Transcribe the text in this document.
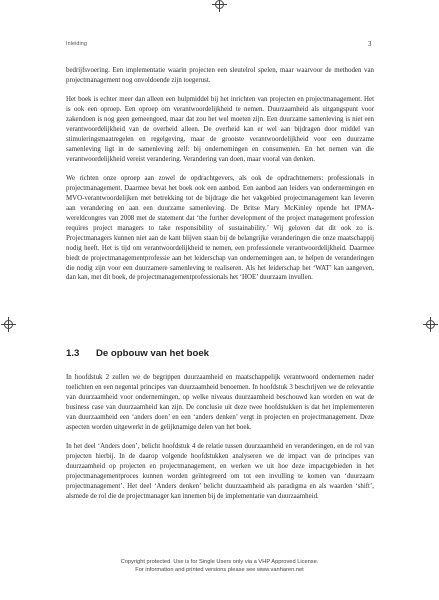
Inleiding	3

bedrijfsvoering. Een implementatie waarin projecten een sleutelrol spelen, maar waarvoor de methoden van projectmanagement nog onvoldoende zijn toegerust.

Het boek is echter meer dan alleen een hulpmiddel bij het inrichten van projecten en projectmanagement. Het is ook een oproep. Een oproep om verantwoordelijkheid te nemen. Duurzaamheid als uitgangspunt voor zakendoen is nog geen gemeengoed, maar dat zou het wel moeten zijn. Een duurzame samenleving is niet een verantwoordelijkheid van de overheid alleen. De overheid kan er wel aan bijdragen door middel van stimuleringsmaatregelen en regelgeving, maar de grootste verantwoordelijkheid voor een duurzame samenleving ligt in de samenleving zelf: bij ondernemingen en consumenten. En het nemen van die verantwoordelijkheid vereist verandering. Verandering van doen, maar vooral van denken.

We richten onze oproep aan zowel de opdrachtgevers, als ook de opdrachtnemers: professionals in projectmanagement. Daarmee bevat het boek ook een aanbod. Een aanbod aan leiders van ondernemingen en MVO-verantwoordelijken met betrekking tot de bijdrage die het vakgebied projectmanagement kan leveren aan verandering en aan een duurzame samenleving. De Britse Mary McKinley opende het IPMA-wereldcongres van 2008 met de statement dat ‘the further development of the project management profession requires project managers to take responsibility of sustainability.’ Wij geloven dat dit ook zo is. Projectmanagers kunnen niet aan de kant blijven staan bij de belangrijke veranderingen die onze maatschappij nodig heeft. Het is tijd om verantwoordelijkheid te nemen, een professionele verantwoordelijkheid. Daarmee biedt de projectmanagementprofessie aan het leiderschap van ondernemingen aan, te helpen de veranderingen die nodig zijn voor een duurzamere samenleving te realiseren. Als het leiderschap het ‘WAT’ kan aangeven, dan kan, met dit boek, de projectmanagementprofessionals het ‘HOE’ duurzaam invullen.

1.3 De opbouw van het boek

In hoofdstuk 2 zullen we de begrippen duurzaamheid en maatschappelijk verantwoord ondernemen nader toelichten en een negental principes van duurzaamheid benoemen. In hoofdstuk 3 beschrijven we de relevantie van duurzaamheid voor ondernemingen, op welke niveaus duurzaamheid beschouwd kan worden en wat de business case van duurzaamheid kan zijn. De conclusie uit deze twee hoofdstukken is dat het implementeren van duurzaamheid een ‘anders doen’ en een ‘anders denken’ vergt in projecten en projectmanagement. Deze aspecten worden uitgewerkt in de gelijknamige delen van het boek.

In het deel ‘Anders doen’, belicht hoofdstuk 4 de relatie tussen duurzaamheid en veranderingen, en de rol van projecten hierbij. In de daarop volgende hoofdstukken analyseren we de impact van de principes van duurzaamheid op projecten en projectmanagement, en werken we uit hoe deze impactgebieden in het projectmanagementproces kunnen worden geïntegreerd om tot een invulling te komen van ‘duurzaam projectmanagement’. Het deel ‘Anders denken’ belicht duurzaamheid als paradigma en als waarden ‘shift’, alsmede de rol die de projectmanager kan innemen bij de implementatie van duurzaamheid.

Copyright protected. Use is for Single Users only via a VHP Approved License.
For information and printed versions please see www.vanharen.net
